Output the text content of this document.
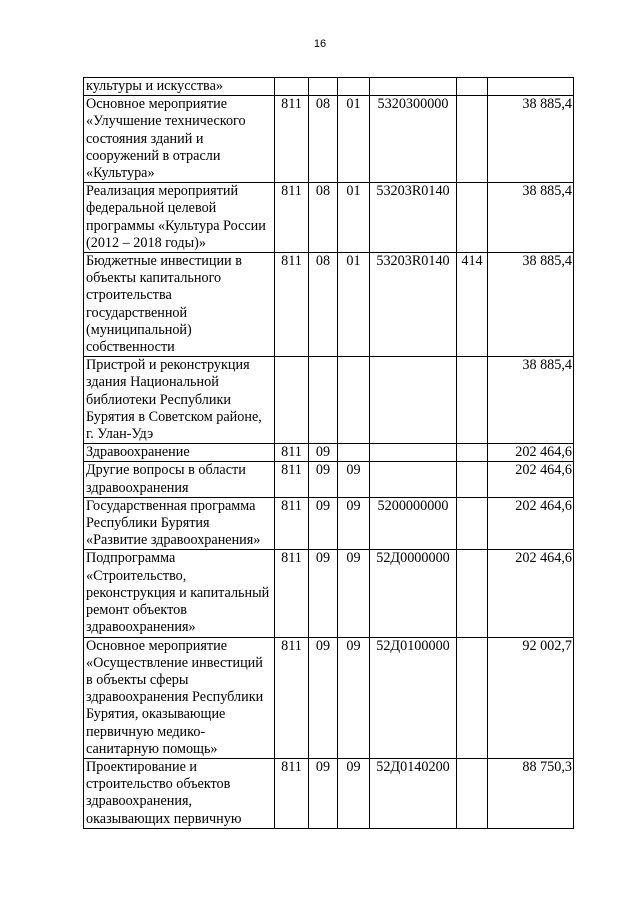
16
культуры и искусства»						
Основное мероприятие «Улучшение технического состояния зданий и сооружений в отрасли «Культура»	811	08	01	5320300000		38 885,4
Реализация мероприятий федеральной целевой программы «Культура России (2012 – 2018 годы)»	811	08	01	53203R0140		38 885,4
Бюджетные инвестиции в объекты капитального строительства государственной (муниципальной) собственности	811	08	01	53203R0140	414	38 885,4
Пристрой и реконструкция здания Национальной библиотеки Республики Бурятия в Советском районе, г. Улан-Удэ						38 885,4
Здравоохранение	811	09				202 464,6
Другие вопросы в области здравоохранения	811	09	09			202 464,6
Государственная программа Республики Бурятия «Развитие здравоохранения»	811	09	09	5200000000		202 464,6
Подпрограмма «Строительство, реконструкция и капитальный ремонт объектов здравоохранения»	811	09	09	52Д0000000		202 464,6
Основное мероприятие «Осуществление инвестиций в объекты сферы здравоохранения Республики Бурятия, оказывающие первичную медико-санитарную помощь»	811	09	09	52Д0100000		92 002,7
Проектирование и строительство объектов здравоохранения, оказывающих первичную	811	09	09	52Д0140200		88 750,3
